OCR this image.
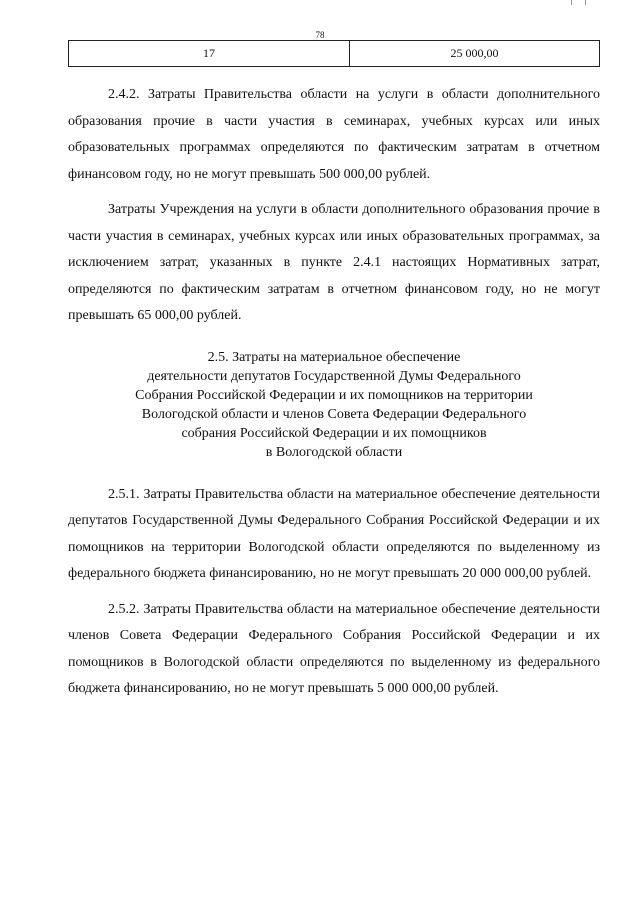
78
17	25 000,00

2.4.2. Затраты Правительства области на услуги в области дополнительного образования прочие в части участия в семинарах, учебных курсах или иных образовательных программах определяются по фактическим затратам в отчетном финансовом году, но не могут превышать 500 000,00 рублей.

Затраты Учреждения на услуги в области дополнительного образования прочие в части участия в семинарах, учебных курсах или иных образовательных программах, за исключением затрат, указанных в пункте 2.4.1 настоящих Нормативных затрат, определяются по фактическим затратам в отчетном финансовом году, но не могут превышать 65 000,00 рублей.

2.5. Затраты на материальное обеспечение
деятельности депутатов Государственной Думы Федерального
Собрания Российской Федерации и их помощников на территории
Вологодской области и членов Совета Федерации Федерального
собрания Российской Федерации и их помощников
в Вологодской области

2.5.1. Затраты Правительства области на материальное обеспечение деятельности депутатов Государственной Думы Федерального Собрания Российской Федерации и их помощников на территории Вологодской области определяются по выделенному из федерального бюджета финансированию, но не могут превышать 20 000 000,00 рублей.

2.5.2. Затраты Правительства области на материальное обеспечение деятельности членов Совета Федерации Федерального Собрания Российской Федерации и их помощников в Вологодской области определяются по выделенному из федерального бюджета финансированию, но не могут превышать 5 000 000,00 рублей.
